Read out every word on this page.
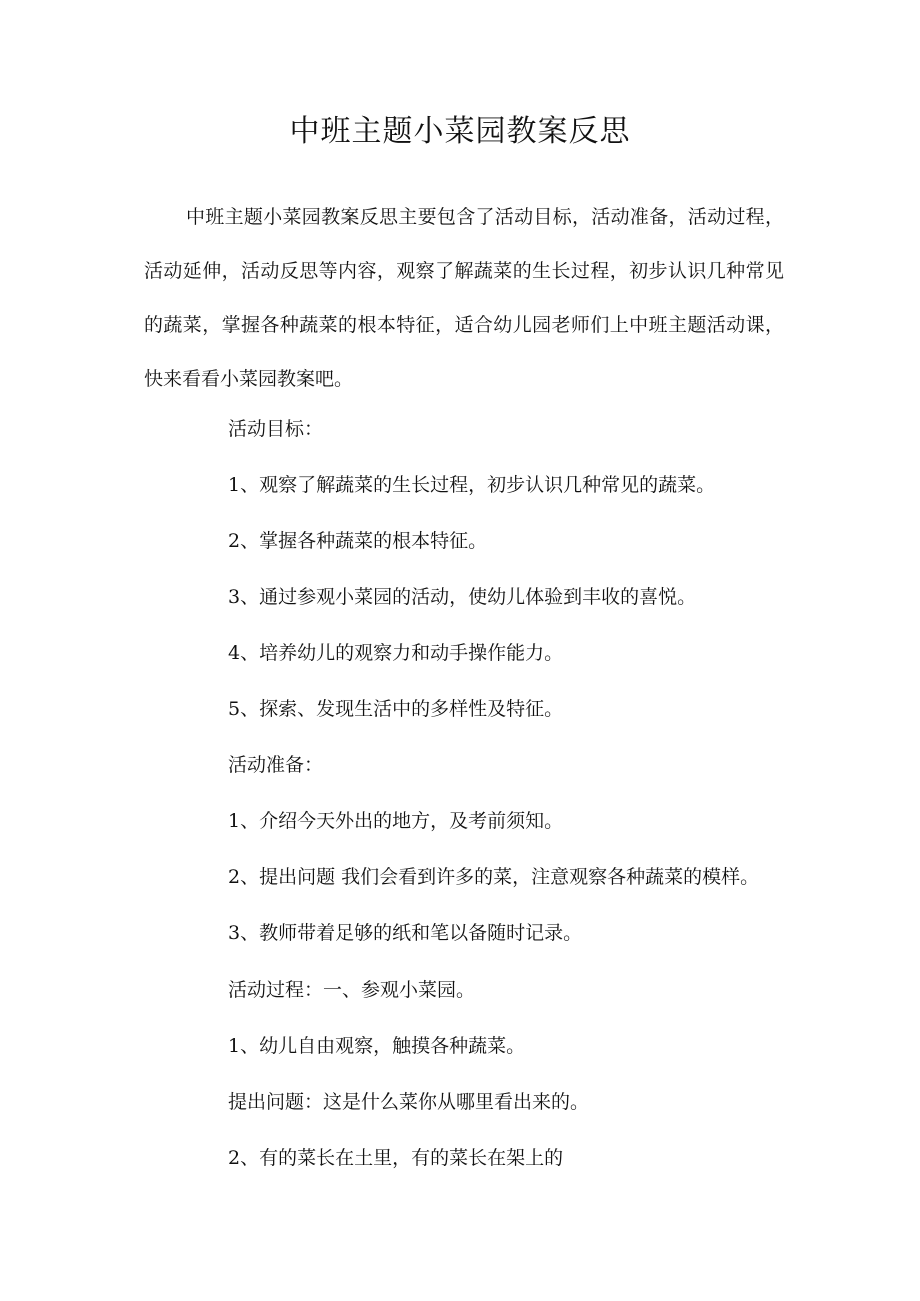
中班主题小菜园教案反思

中班主题小菜园教案反思主要包含了活动目标，活动准备，活动过程，活动延伸，活动反思等内容，观察了解蔬菜的生长过程，初步认识几种常见的蔬菜，掌握各种蔬菜的根本特征，适合幼儿园老师们上中班主题活动课，快来看看小菜园教案吧。

活动目标：

1、观察了解蔬菜的生长过程，初步认识几种常见的蔬菜。

2、掌握各种蔬菜的根本特征。

3、通过参观小菜园的活动，使幼儿体验到丰收的喜悦。

4、培养幼儿的观察力和动手操作能力。

5、探索、发现生活中的多样性及特征。

活动准备：

1、介绍今天外出的地方，及考前须知。

2、提出问题 我们会看到许多的菜，注意观察各种蔬菜的模样。

3、教师带着足够的纸和笔以备随时记录。

活动过程：一、参观小菜园。

1、幼儿自由观察，触摸各种蔬菜。

提出问题：这是什么菜你从哪里看出来的。

2、有的菜长在土里，有的菜长在架上的
